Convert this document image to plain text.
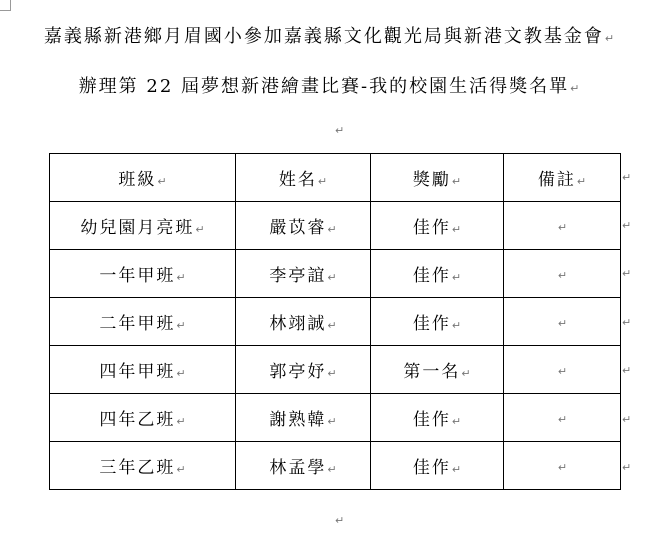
嘉義縣新港鄉月眉國小參加嘉義縣文化觀光局與新港文教基金會↵
辦理第 22 屆夢想新港繪畫比賽-我的校園生活得獎名單↵
↵
班級↵	姓名↵	獎勵↵	備註↵
幼兒園月亮班↵	嚴苡睿↵	佳作↵	↵
一年甲班↵	李亭誼↵	佳作↵	↵
二年甲班↵	林翊誠↵	佳作↵	↵
四年甲班↵	郭亭妤↵	第一名↵	↵
四年乙班↵	謝熟韓↵	佳作↵	↵
三年乙班↵	林孟學↵	佳作↵	↵
↵
↵
↵
↵
↵
↵
↵
↵
